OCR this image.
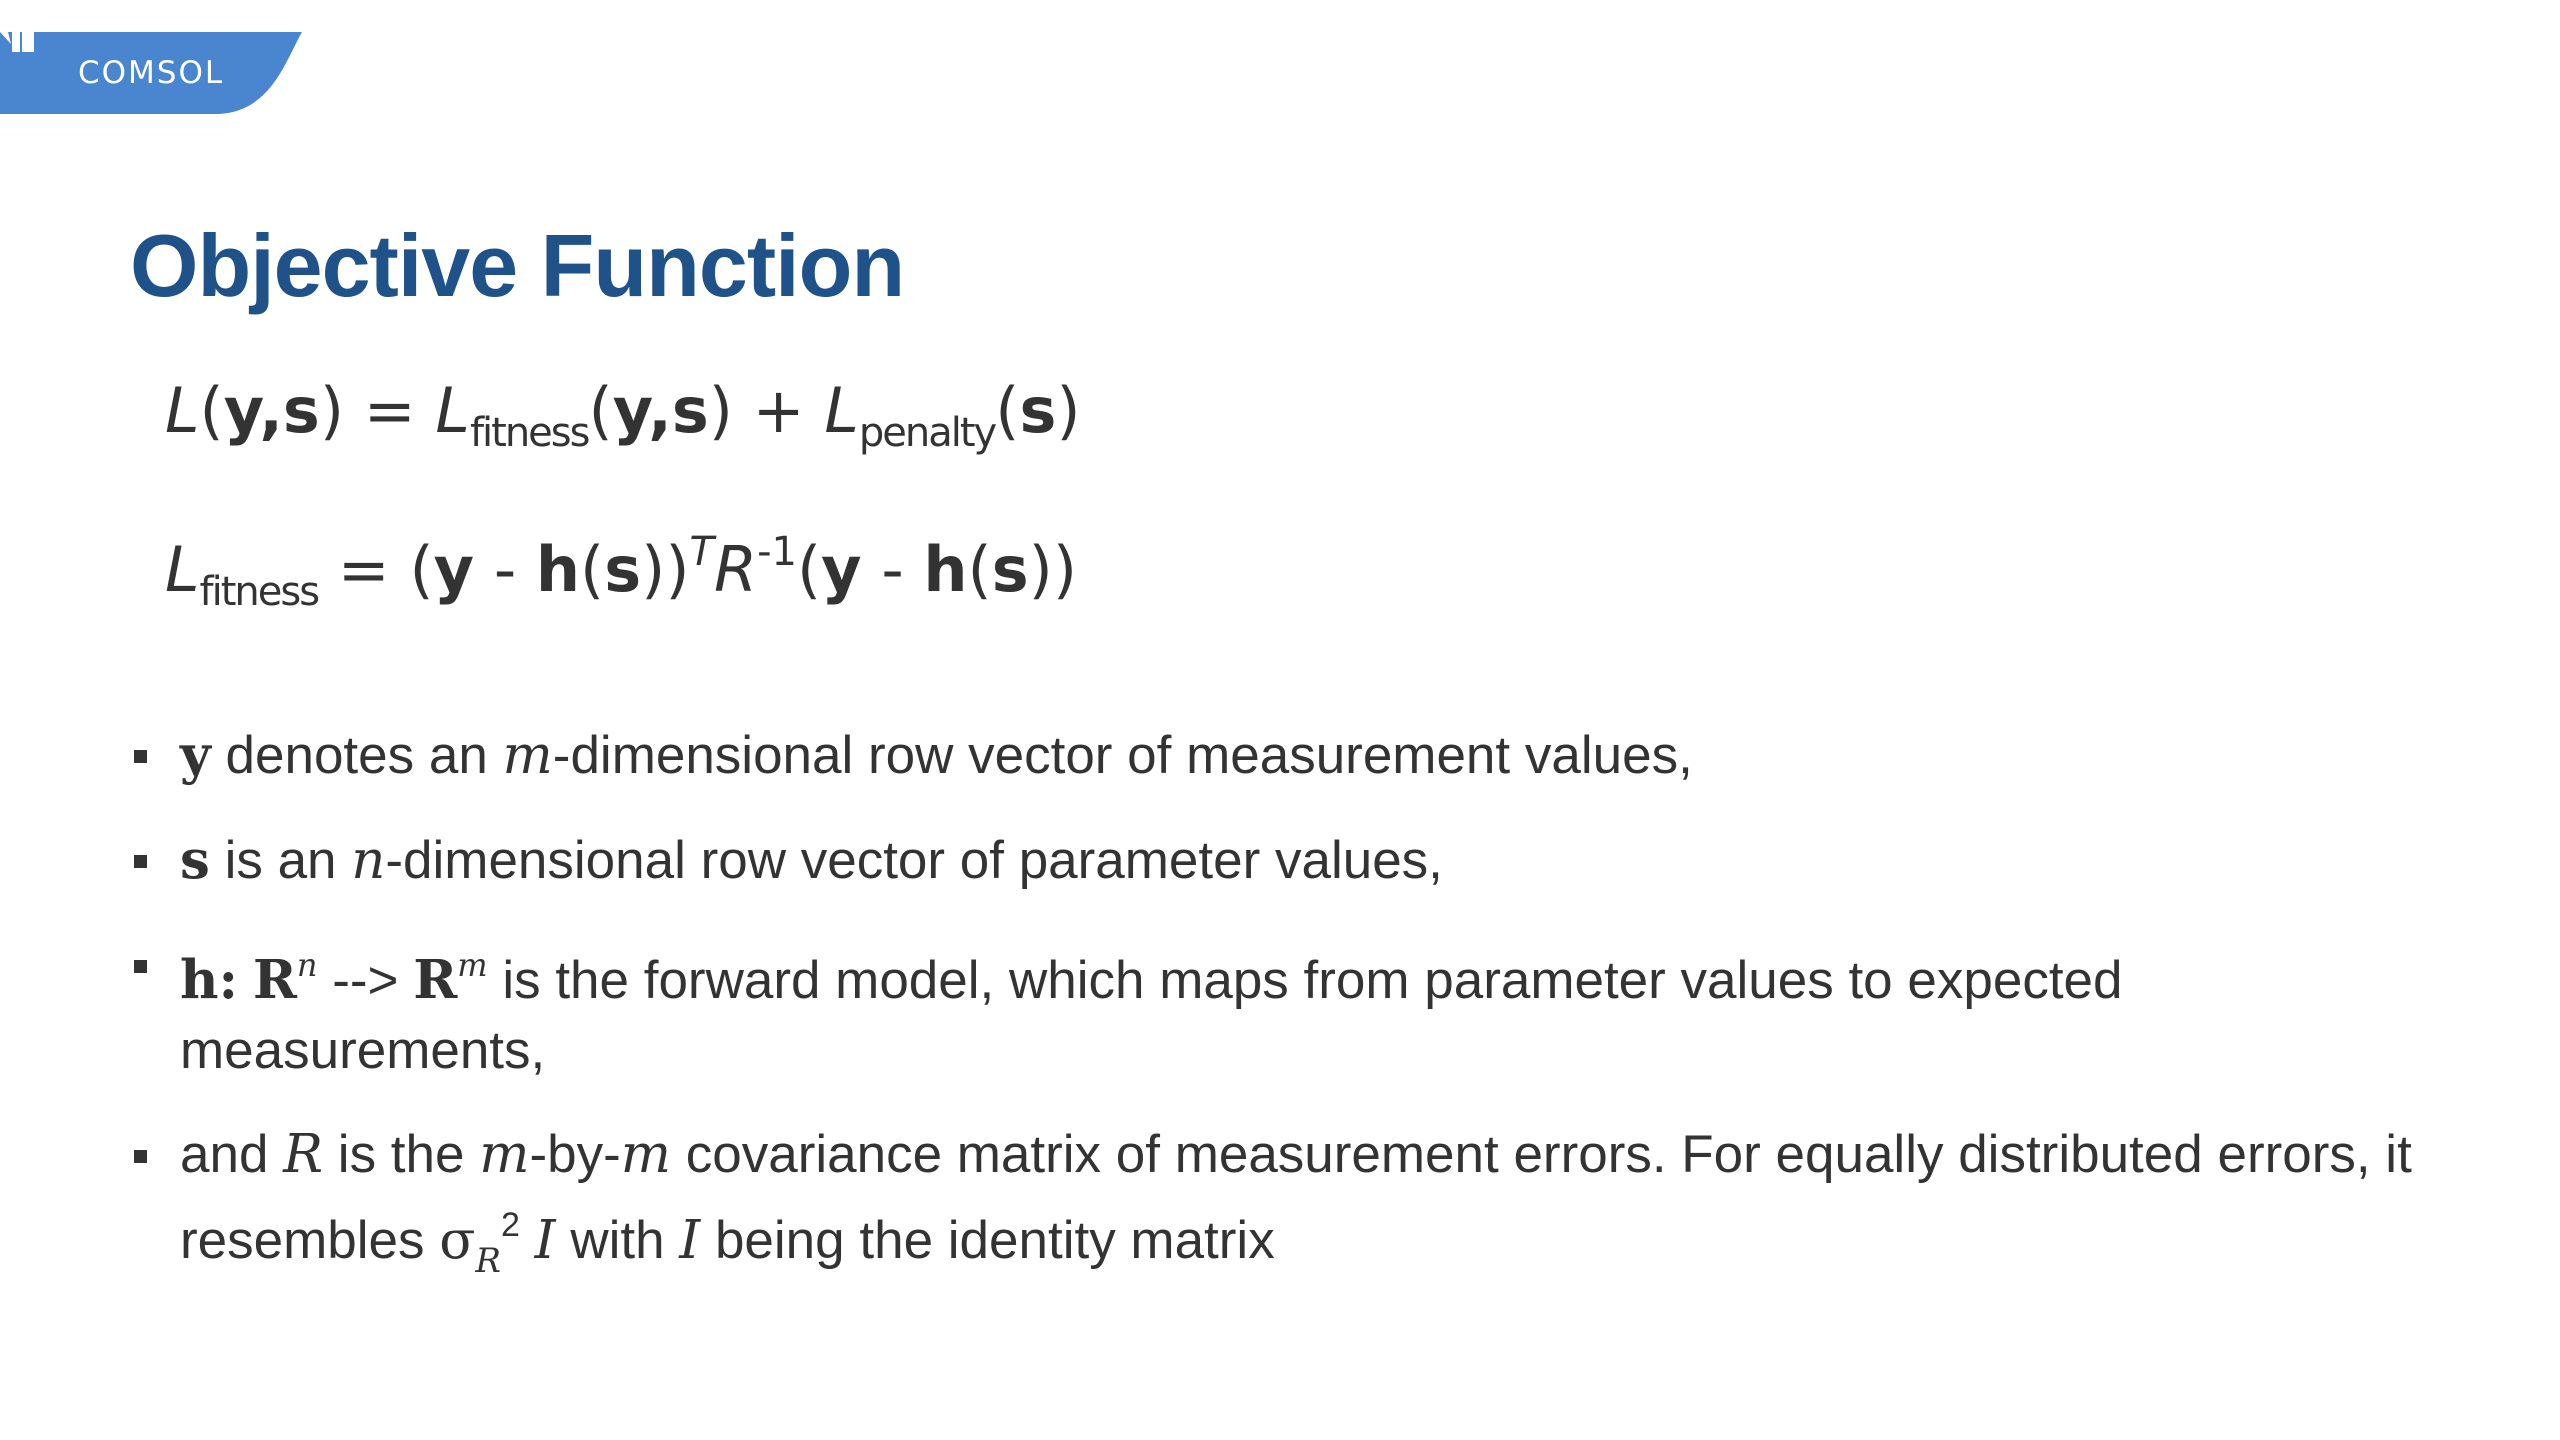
COMSOL
Objective Function
$L(y,s) = L_{fitness}(y,s) + L_{penalty}(s)$
$L_{fitness} = (y - h(s))^TR^{-1}(y - h(s))$
y denotes an m-dimensional row vector of measurement values,
s is an n-dimensional row vector of parameter values,
h: $R^n$ --> $R^m$ is the forward model, which maps from parameter values to expected measurements,
and R is the m-by-m covariance matrix of measurement errors. For equally distributed errors, it resembles $\sigma_R^2$ I with I being the identity matrix
